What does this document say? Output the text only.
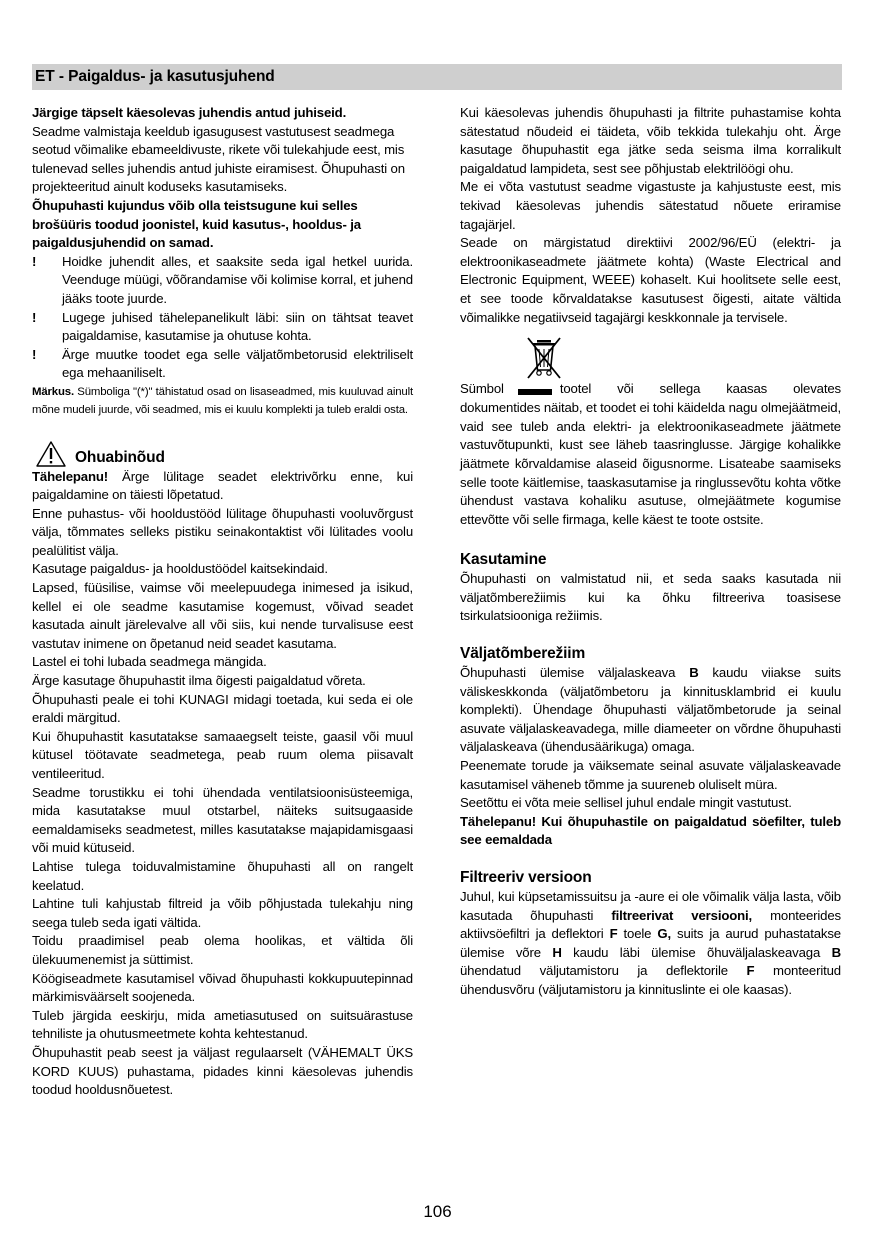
ET - Paigaldus- ja kasutusjuhend

Järgige täpselt käesolevas juhendis antud juhiseid.

Seadme valmistaja keeldub igasugusest vastutusest seadmega seotud võimalike ebameeldivuste, rikete või tulekahjude eest, mis tulenevad selles juhendis antud juhiste eiramisest. Õhupuhasti on projekteeritud ainult koduseks kasutamiseks.

Õhupuhasti kujundus võib olla teistsugune kui selles brošüüris toodud joonistel, kuid kasutus-, hooldus- ja paigaldusjuhendid on samad.

!	Hoidke juhendit alles, et saaksite seda igal hetkel uurida. Veenduge müügi, võõrandamise või kolimise korral, et juhend jääks toote juurde.

!	Lugege juhised tähelepanelikult läbi: siin on tähtsat teavet paigaldamise, kasutamise ja ohutuse kohta.

!	Ärge muutke toodet ega selle väljatõmbetorusid elektriliselt ega mehaaniliselt.

Märkus. Sümboliga "(*)" tähistatud osad on lisaseadmed, mis kuuluvad ainult mõne mudeli juurde, või seadmed, mis ei kuulu komplekti ja tuleb eraldi osta.

Ohuabinõud

Tähelepanu! Ärge lülitage seadet elektrivõrku enne, kui paigaldamine on täiesti lõpetatud.

Enne puhastus- või hooldustööd lülitage õhupuhasti vooluvõrgust välja, tõmmates selleks pistiku seinakontaktist või lülitades voolu pealülitist välja.

Kasutage paigaldus- ja hooldustöödel kaitsekindaid.

Lapsed, füüsilise, vaimse või meelepuudega inimesed ja isikud, kellel ei ole seadme kasutamise kogemust, võivad seadet kasutada ainult järelevalve all või siis, kui nende turvalisuse eest vastutav inimene on õpetanud neid seadet kasutama.

Lastel ei tohi lubada seadmega mängida.

Ärge kasutage õhupuhastit ilma õigesti paigaldatud võreta.

Õhupuhasti peale ei tohi KUNAGI midagi toetada, kui seda ei ole eraldi märgitud.

Kui õhupuhastit kasutatakse samaaegselt teiste, gaasil või muul kütusel töötavate seadmetega, peab ruum olema piisavalt ventileeritud.

Seadme torustikku ei tohi ühendada ventilatsioonisüsteemiga, mida kasutatakse muul otstarbel, näiteks suitsugaaside eemaldamiseks seadmetest, milles kasutatakse majapidamisgaasi või muid kütuseid.

Lahtise tulega toiduvalmistamine õhupuhasti all on rangelt keelatud.

Lahtine tuli kahjustab filtreid ja võib põhjustada tulekahju ning seega tuleb seda igati vältida.

Toidu praadimisel peab olema hoolikas, et vältida õli ülekuumenemist ja süttimist.

Köögiseadmete kasutamisel võivad õhupuhasti kokkupuutepinnad märkimisväärselt soojeneda.

Tuleb järgida eeskirju, mida ametiasutused on suitsuärastuse tehniliste ja ohutusmeetmete kohta kehtestanud.

Õhupuhastit peab seest ja väljast regulaarselt (VÄHEMALT ÜKS KORD KUUS) puhastama, pidades kinni käesolevas juhendis toodud hooldusnõuetest.

Kui käesolevas juhendis õhupuhasti ja filtrite puhastamise kohta sätestatud nõudeid ei täideta, võib tekkida tulekahju oht. Ärge kasutage õhupuhastit ega jätke seda seisma ilma korralikult paigaldatud lampideta, sest see põhjustab elektrilöögi ohu.

Me ei võta vastutust seadme vigastuste ja kahjustuste eest, mis tekivad käesolevas juhendis sätestatud nõuete eriramise tagajärjel.

Seade on märgistatud direktiivi 2002/96/EÜ (elektri- ja elektroonikaseadmete jäätmete kohta) (Waste Electrical and Electronic Equipment, WEEE) kohaselt. Kui hoolitsete selle eest, et see toode kõrvaldatakse kasutusest õigesti, aitate vältida võimalikke negatiivseid tagajärgi keskkonnale ja tervisele.

Sümbol	tootel või sellega kaasas olevates

dokumentides näitab, et toodet ei tohi käidelda nagu olmejäätmeid, vaid see tuleb anda elektri- ja elektroonikaseadmete jäätmete vastuvõtupunkti, kust see läheb taasringlusse. Järgige kohalikke jäätmete kõrvaldamise alaseid õigusnorme. Lisateabe saamiseks selle toote käitlemise, taaskasutamise ja ringlussevõtu kohta võtke ühendust vastava kohaliku asutuse, olmejäätmete kogumise ettevõtte või selle firmaga, kelle käest te toote ostsite.

Kasutamine

Õhupuhasti on valmistatud nii, et seda saaks kasutada nii väljatõmberežiimis kui ka õhku filtreeriva toasisese tsirkulatsiooniga režiimis.

Väljatõmberežiim

Õhupuhasti ülemise väljalaskeava B kaudu viiakse suits väliskeskkonda (väljatõmbetoru ja kinnitusklambrid ei kuulu komplekti). Ühendage õhupuhasti väljatõmbetorude ja seinal asuvate väljalaskeavadega, mille diameeter on võrdne õhupuhasti väljalaskeava (ühendusäärikuga) omaga.

Peenemate torude ja väiksemate seinal asuvate väljalaskeavade kasutamisel väheneb tõmme ja suureneb oluliselt müra.

Seetõttu ei võta meie sellisel juhul endale mingit vastutust.

Tähelepanu! Kui õhupuhastile on paigaldatud söefilter, tuleb see eemaldada

Filtreeriv versioon

Juhul, kui küpsetamissuitsu ja -aure ei ole võimalik välja lasta, võib kasutada õhupuhasti filtreerivat versiooni, monteerides aktiivsöefiltri ja deflektori F toele G, suits ja aurud puhastatakse ülemise võre H kaudu läbi ülemise õhuväljalaskeavaga B ühendatud väljutamistoru ja deflektorile F monteeritud ühendusvõru (väljutamistoru ja kinnituslinte ei ole kaasas).

106
